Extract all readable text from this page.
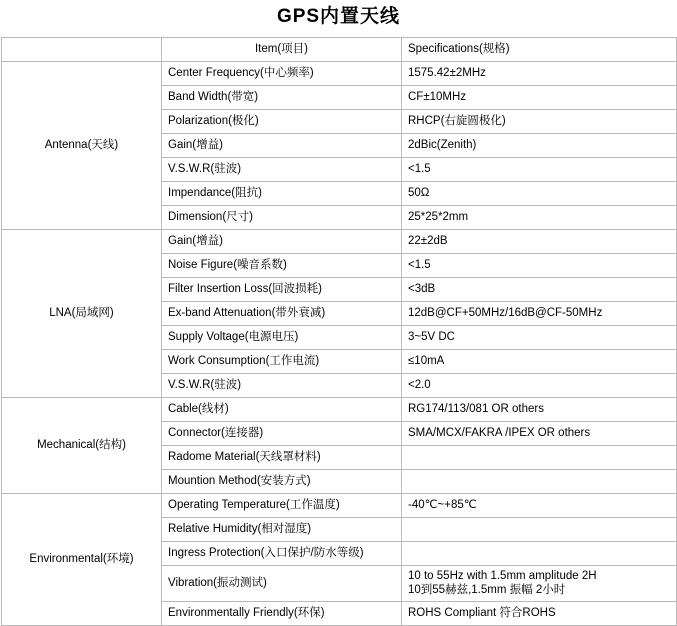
GPS内置天线
	Item(项目)	Specifications(规格)
Antenna(天线)	Center Frequency(中心频率)	1575.42±2MHz
	Band Width(带宽)	CF±10MHz
	Polarization(极化)	RHCP(右旋圆极化)
	Gain(增益)	2dBic(Zenith)
	V.S.W.R(驻波)	<1.5
	Impendance(阻抗)	50Ω
	Dimension(尺寸)	25*25*2mm
LNA(局域网)	Gain(增益)	22±2dB
	Noise Figure(噪音系数)	<1.5
	Filter Insertion Loss(回波损耗)	<3dB
	Ex-band Attenuation(带外衰减)	12dB@CF+50MHz/16dB@CF-50MHz
	Supply Voltage(电源电压)	3~5V DC
	Work Consumption(工作电流)	≤10mA
	V.S.W.R(驻波)	<2.0
Mechanical(结构)	Cable(线材)	RG174/113/081 OR others
	Connector(连接器)	SMA/MCX/FAKRA /IPEX OR others
	Radome Material(天线罩材料)	
	Mountion Method(安装方式)	
Environmental(环境)	Operating Temperature(工作温度)	-40℃~+85℃
	Relative Humidity(相对湿度)	
	Ingress Protection(入口保护/防水等级)	
	Vibration(振动测试)	10 to 55Hz with 1.5mm amplitude 2H
10到55赫兹,1.5mm 振幅 2小时

	Environmentally Friendly(环保)	ROHS Compliant 符合ROHS
